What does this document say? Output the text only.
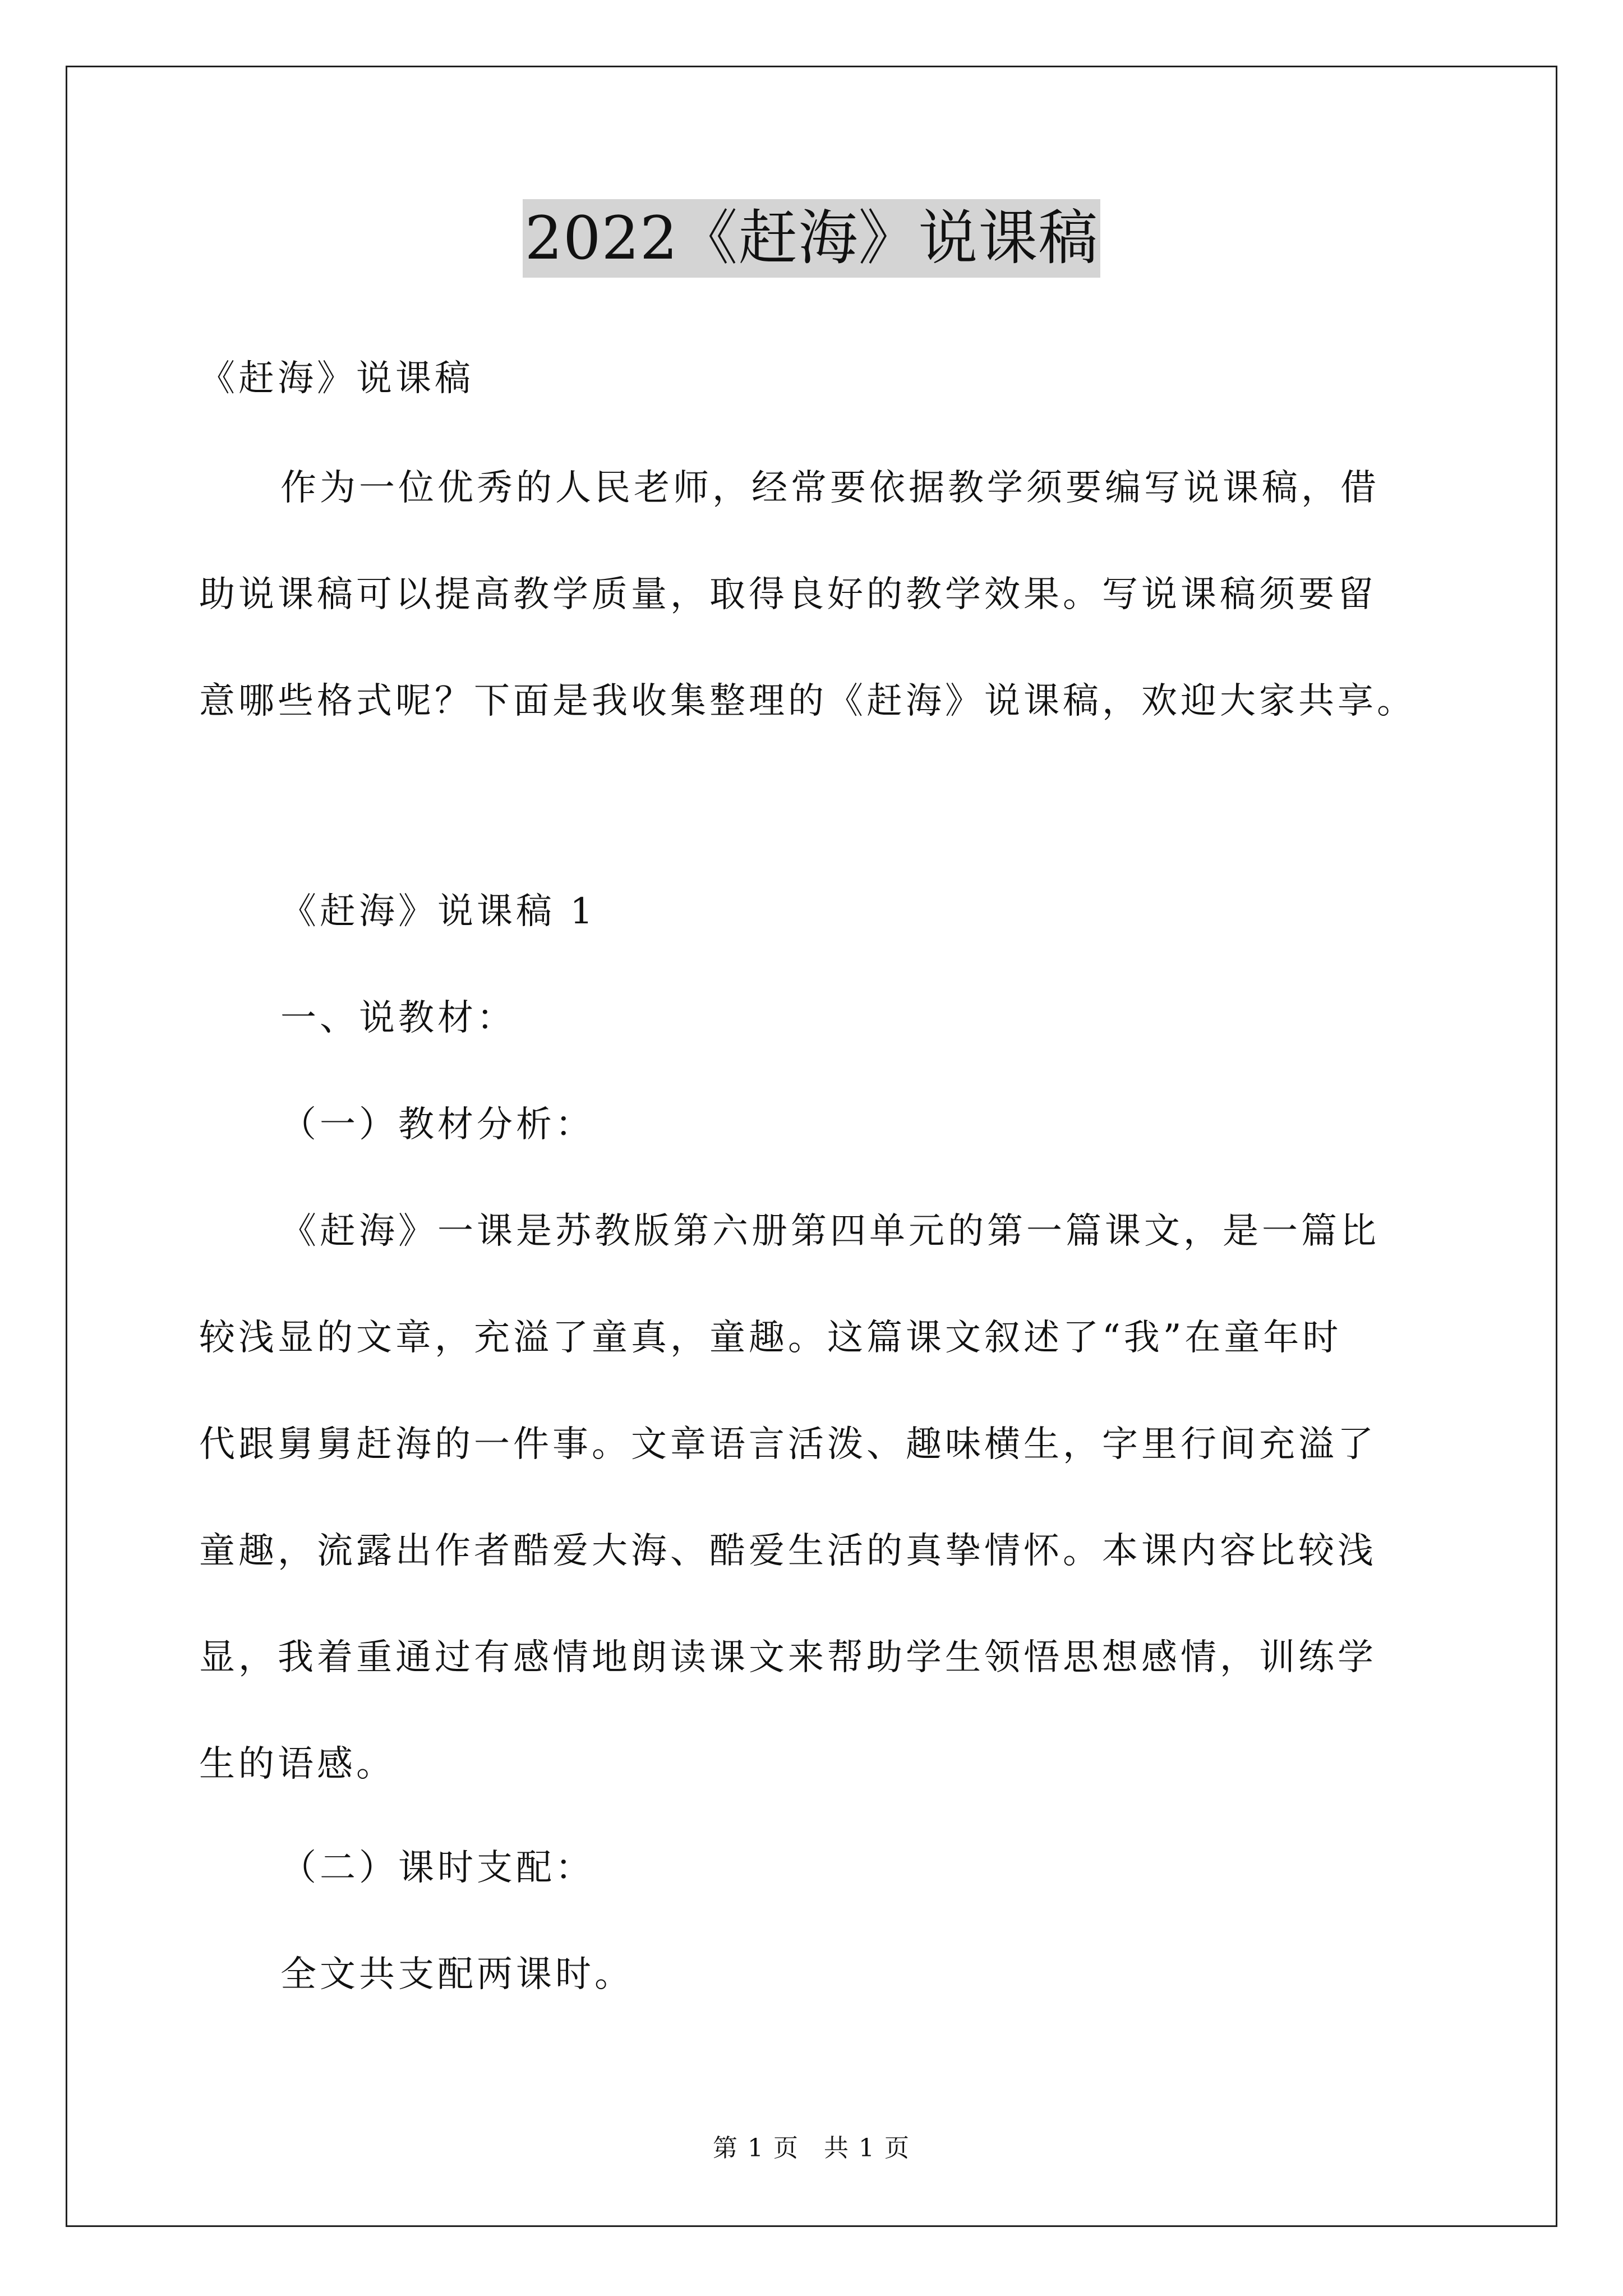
2022《赶海》说课稿

《赶海》说课稿

作为一位优秀的人民老师，经常要依据教学须要编写说课稿，借
助说课稿可以提高教学质量，取得良好的教学效果。写说课稿须要留
意哪些格式呢？下面是我收集整理的《赶海》说课稿，欢迎大家共享。

《赶海》说课稿 1

一、说教材：

（一）教材分析：

《赶海》一课是苏教版第六册第四单元的第一篇课文，是一篇比
较浅显的文章，充溢了童真，童趣。这篇课文叙述了“我”在童年时
代跟舅舅赶海的一件事。文章语言活泼、趣味横生，字里行间充溢了
童趣，流露出作者酷爱大海、酷爱生活的真挚情怀。本课内容比较浅
显，我着重通过有感情地朗读课文来帮助学生领悟思想感情，训练学
生的语感。

（二）课时支配：

全文共支配两课时。

第 1 页 共 1 页
